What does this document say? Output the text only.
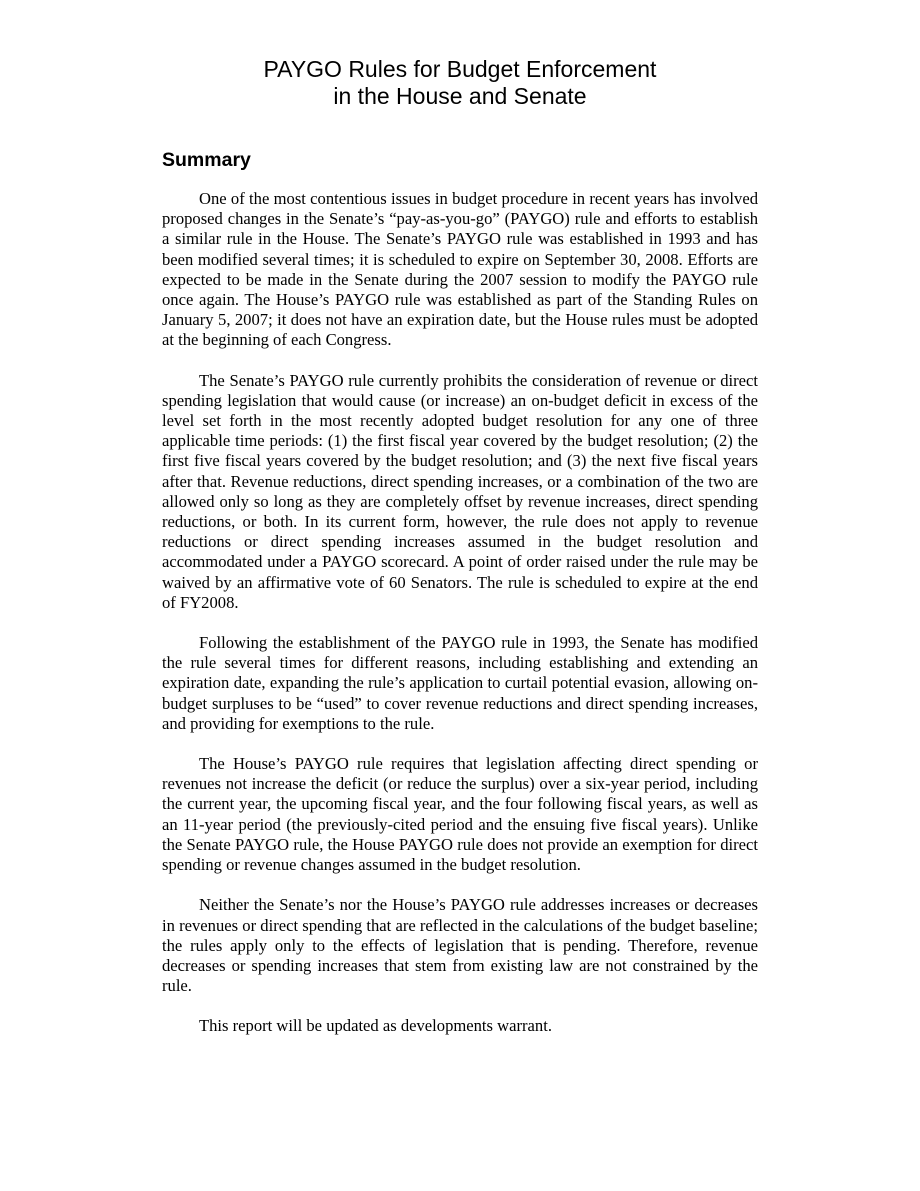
PAYGO Rules for Budget Enforcement
in the House and Senate
Summary

One of the most contentious issues in budget procedure in recent years has involved proposed changes in the Senate’s “pay-as-you-go” (PAYGO) rule and efforts to establish a similar rule in the House. The Senate’s PAYGO rule was established in 1993 and has been modified several times; it is scheduled to expire on September 30, 2008. Efforts are expected to be made in the Senate during the 2007 session to modify the PAYGO rule once again. The House’s PAYGO rule was established as part of the Standing Rules on January 5, 2007; it does not have an expiration date, but the House rules must be adopted at the beginning of each Congress.

The Senate’s PAYGO rule currently prohibits the consideration of revenue or direct spending legislation that would cause (or increase) an on-budget deficit in excess of the level set forth in the most recently adopted budget resolution for any one of three applicable time periods: (1) the first fiscal year covered by the budget resolution; (2) the first five fiscal years covered by the budget resolution; and (3) the next five fiscal years after that. Revenue reductions, direct spending increases, or a combination of the two are allowed only so long as they are completely offset by revenue increases, direct spending reductions, or both. In its current form, however, the rule does not apply to revenue reductions or direct spending increases assumed in the budget resolution and accommodated under a PAYGO scorecard. A point of order raised under the rule may be waived by an affirmative vote of 60 Senators. The rule is scheduled to expire at the end of FY2008.

Following the establishment of the PAYGO rule in 1993, the Senate has modified the rule several times for different reasons, including establishing and extending an expiration date, expanding the rule’s application to curtail potential evasion, allowing on-budget surpluses to be “used” to cover revenue reductions and direct spending increases, and providing for exemptions to the rule.

The House’s PAYGO rule requires that legislation affecting direct spending or revenues not increase the deficit (or reduce the surplus) over a six-year period, including the current year, the upcoming fiscal year, and the four following fiscal years, as well as an 11-year period (the previously-cited period and the ensuing five fiscal years). Unlike the Senate PAYGO rule, the House PAYGO rule does not provide an exemption for direct spending or revenue changes assumed in the budget resolution.

Neither the Senate’s nor the House’s PAYGO rule addresses increases or decreases in revenues or direct spending that are reflected in the calculations of the budget baseline; the rules apply only to the effects of legislation that is pending. Therefore, revenue decreases or spending increases that stem from existing law are not constrained by the rule.

This report will be updated as developments warrant.
